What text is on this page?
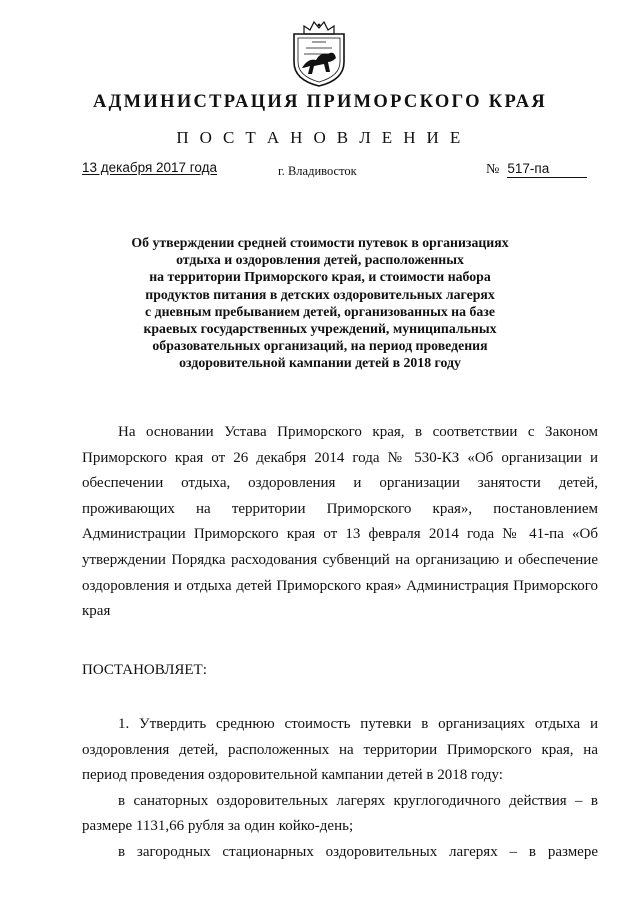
АДМИНИСТРАЦИЯ ПРИМОРСКОГО КРАЯ
П О С Т А Н О В Л Е Н И Е
13 декабря 2017 года	г. Владивосток	№ 517-па
Об утверждении средней стоимости путевок в организациях
отдыха и оздоровления детей, расположенных
на территории Приморского края, и стоимости набора
продуктов питания в детских оздоровительных лагерях
с дневным пребыванием детей, организованных на базе
краевых государственных учреждений, муниципальных
образовательных организаций, на период проведения
оздоровительной кампании детей в 2018 году
На основании Устава Приморского края, в соответствии с Законом
Приморского края от 26 декабря 2014 года № 530-КЗ «Об организации и
обеспечении отдыха, оздоровления и организации занятости детей,
проживающих на территории Приморского края», постановлением
Администрации Приморского края от 13 февраля 2014 года № 41-па «Об
утверждении Порядка расходования субвенций на организацию и обеспечение
оздоровления и отдыха детей Приморского края» Администрация Приморского
края
ПОСТАНОВЛЯЕТ:
1. Утвердить среднюю стоимость путевки в организациях отдыха и
оздоровления детей, расположенных на территории Приморского края, на
период проведения оздоровительной кампании детей в 2018 году:
в санаторных оздоровительных лагерях круглогодичного действия – в
размере 1131,66 рубля за один койко-день;
в загородных стационарных оздоровительных лагерях – в размере
